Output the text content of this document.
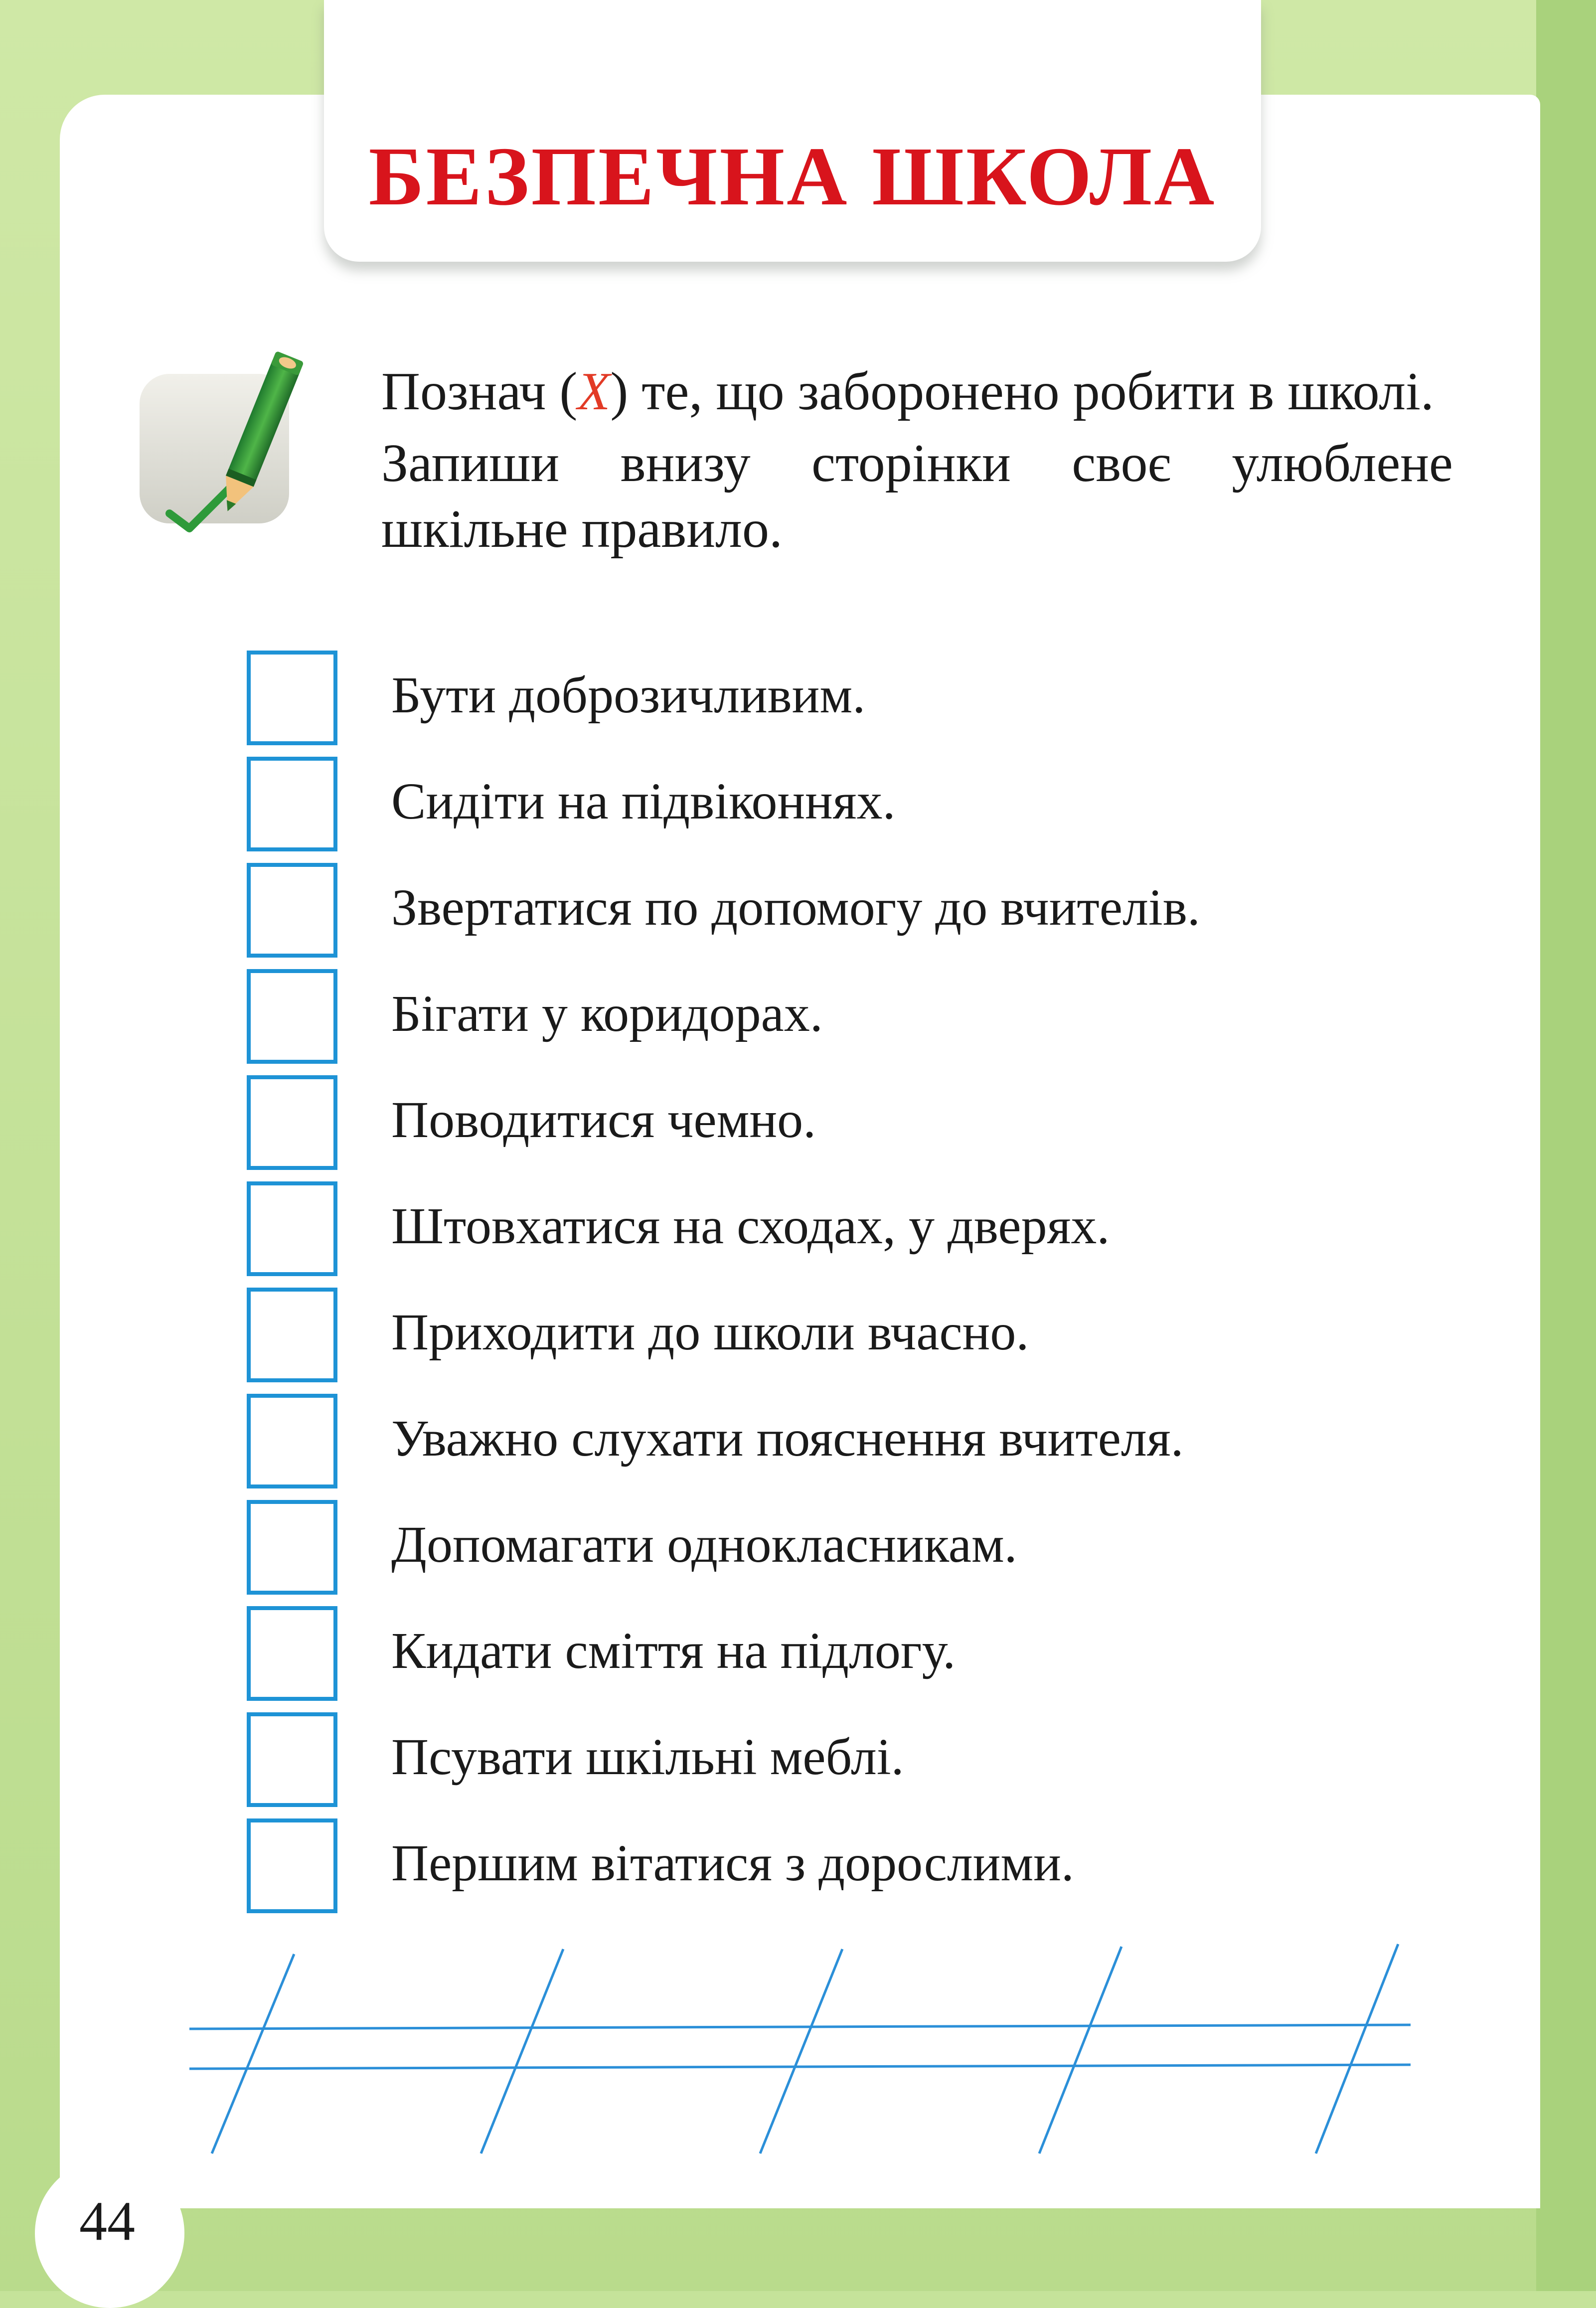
БЕЗПЕЧНА ШКОЛА

Познач (X) те, що заборонено робити в школі.

Запиши внизу сторінки своє улюблене шкільне правило.

Бути доброзичливим.
Сидіти на підвіконнях.
Звертатися по допомогу до вчителів.
Бігати у коридорах.
Поводитися чемно.
Штовхатися на сходах, у дверях.
Приходити до школи вчасно.
Уважно слухати пояснення вчителя.
Допомагати однокласникам.
Кидати сміття на підлогу.
Псувати шкільні меблі.
Першим вітатися з дорослими.
44
